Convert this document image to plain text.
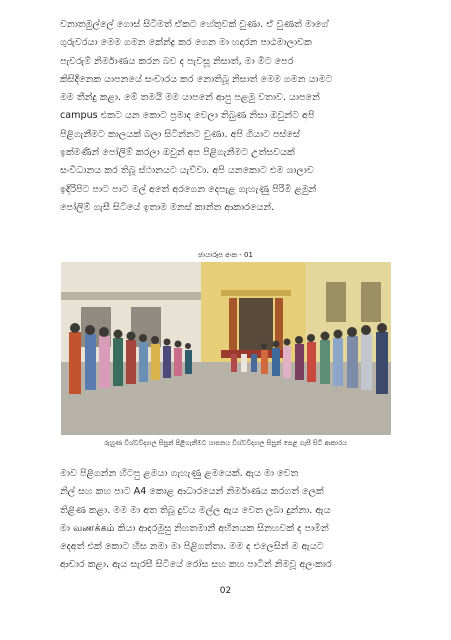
වනාතමුල්ලේ ගොස් සිටිමත් ඒකට හේතුවක් වුණා. ඒ වුණත් මාගේ
ගුරුවරයා මෙම ගමන කේන්ද්‍ර කර ගෙන මා හදාරන පාඨමාලාවක
පැවරුම් නිර්මාණය කරන බව ද පැවසූ නිසාත්, මා මීට පෙර
කිසිදිනෙක යාපනයේ සංචාරය කර නොතිබූ නිසාත් මෙම ගමන යාමට
මම තීන්දු කළා. මේ තමයි මම යාපනේ ආපු පළමු වතාව. යාපනේ
campus එකට යන කොට ප්‍රමාද වෙලා තිබුණ නිසා ඔවුන්ට අපි
පිළිගැනීමට කාලයක් බලා සිටින්නට වුණා. අපි ගියාට පස්සේ
ඉක්මණින් පෝලිම් කරලා ඔවුන් අප පිළිගැනීමට උත්සවයක්
සංවිධානය කර තිබූ ස්ථානයට යැව්වා. අපි යනකොට එම ශාලාව
ඉදිරිපිට පාට පාට මල් අතේ අරගෙන දෙපැළ ගැහැණු පිරිමි ළමුන්
පෝලිම් ගැසී සිටියේ ඉතාම මනස් කාන්ත ආකාරයෙන්.

ඡායාරූප අංක - 01
රුහුණ විශ්වවිද්‍යාල සිසුන් පිළිගැනීමට යාපනය විශ්වවිද්‍යාල සිසුන් පෙළ ගැසී සිටි ආකාරය

මාව පිළිගන්න හිටපු ළමයා ගැහැණු ළමයෙක්. ඇය මා වෙත
නිල් සහ කහ පාට A4 කොළ ආධාරයෙන් නිර්මාණය කරගත් ලෙක්
තිළිණ කළා. මම මා අත තිබූ දුවය මල්ල ඇය වෙත ලබා දුන්නා. ඇය
මා வணக்கம் කියා ආදරමුසු නිහතමානී අභිනයක සිනහවක් ද පාමින්
දෙඅත් එක් කොට හිස නමා මා පිළිගත්තා. මම ද එලෙසින් ම ඇයට
ආචාර කළා. ඇය සැරසී සිටියේ රෝස සහ කහ පාටින් නිමවූ අලංකාර

02
